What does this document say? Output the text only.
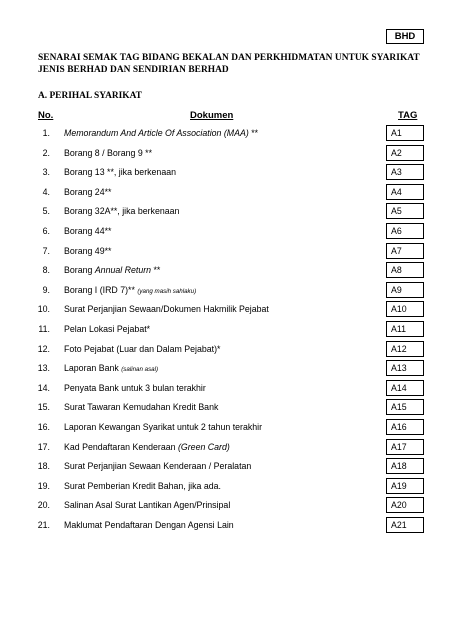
BHD

SENARAI SEMAK TAG BIDANG BEKALAN DAN PERKHIDMATAN UNTUK SYARIKAT JENIS BERHAD DAN SENDIRIAN BERHAD

A. PERIHAL SYARIKAT
No.	Dokumen	TAG
1. Memorandum And Article Of Association (MAA) **	A1
2. Borang 8 / Borang 9 **	A2
3. Borang 13 **, jika berkenaan	A3
4. Borang 24**	A4
5. Borang 32A**, jika berkenaan	A5
6. Borang 44**	A6
7. Borang 49**	A7
8. Borang Annual Return **	A8
9. Borang I (IRD 7)** (yang masih sahlaku)	A9
10. Surat Perjanjian Sewaan/Dokumen Hakmilik Pejabat	A10
11. Pelan Lokasi Pejabat*	A11
12. Foto Pejabat (Luar dan Dalam Pejabat)*	A12
13. Laporan Bank (salinan asal)	A13
14. Penyata Bank untuk 3 bulan terakhir	A14
15. Surat Tawaran Kemudahan Kredit Bank	A15
16. Laporan Kewangan Syarikat untuk 2 tahun terakhir	A16
17. Kad Pendaftaran Kenderaan (Green Card)	A17
18. Surat Perjanjian Sewaan Kenderaan / Peralatan	A18
19. Surat Pemberian Kredit Bahan, jika ada.	A19
20. Salinan Asal Surat Lantikan Agen/Prinsipal	A20
21. Maklumat Pendaftaran Dengan Agensi Lain	A21
